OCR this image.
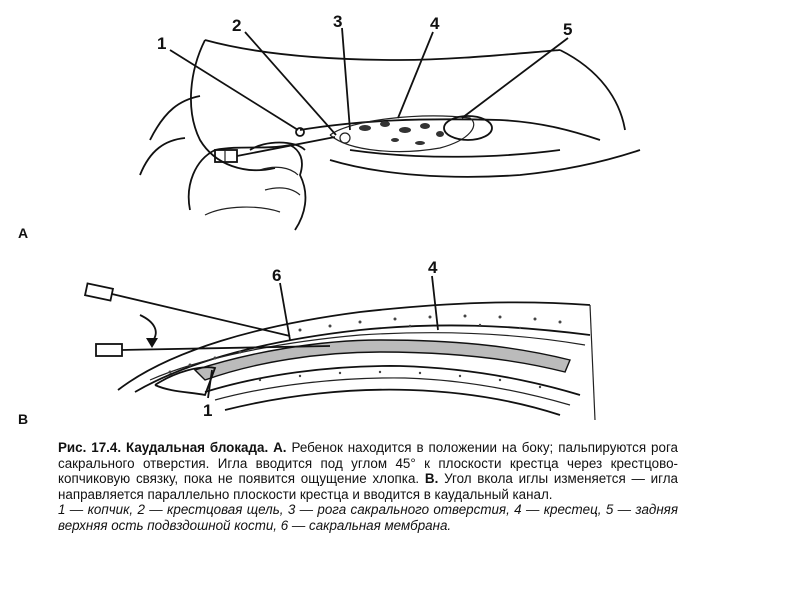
1
2	3	4	5
A
6	4
1
B

Рис. 17.4. Каудальная блокада. А. Ребенок находится в положении на боку; пальпируются рога сакрального отверстия. Игла вводится под углом 45° к плоскости крестца через крестцово-копчиковую связку, пока не появится ощущение хлопка. В. Угол вкола иглы изменяется — игла направляется параллельно плоскости крестца и вводится в каудальный канал.

1 — копчик, 2 — крестцовая щель, 3 — рога сакрального отверстия, 4 — крестец, 5 — задняя верхняя ость подвздошной кости, 6 — сакральная мембрана.
